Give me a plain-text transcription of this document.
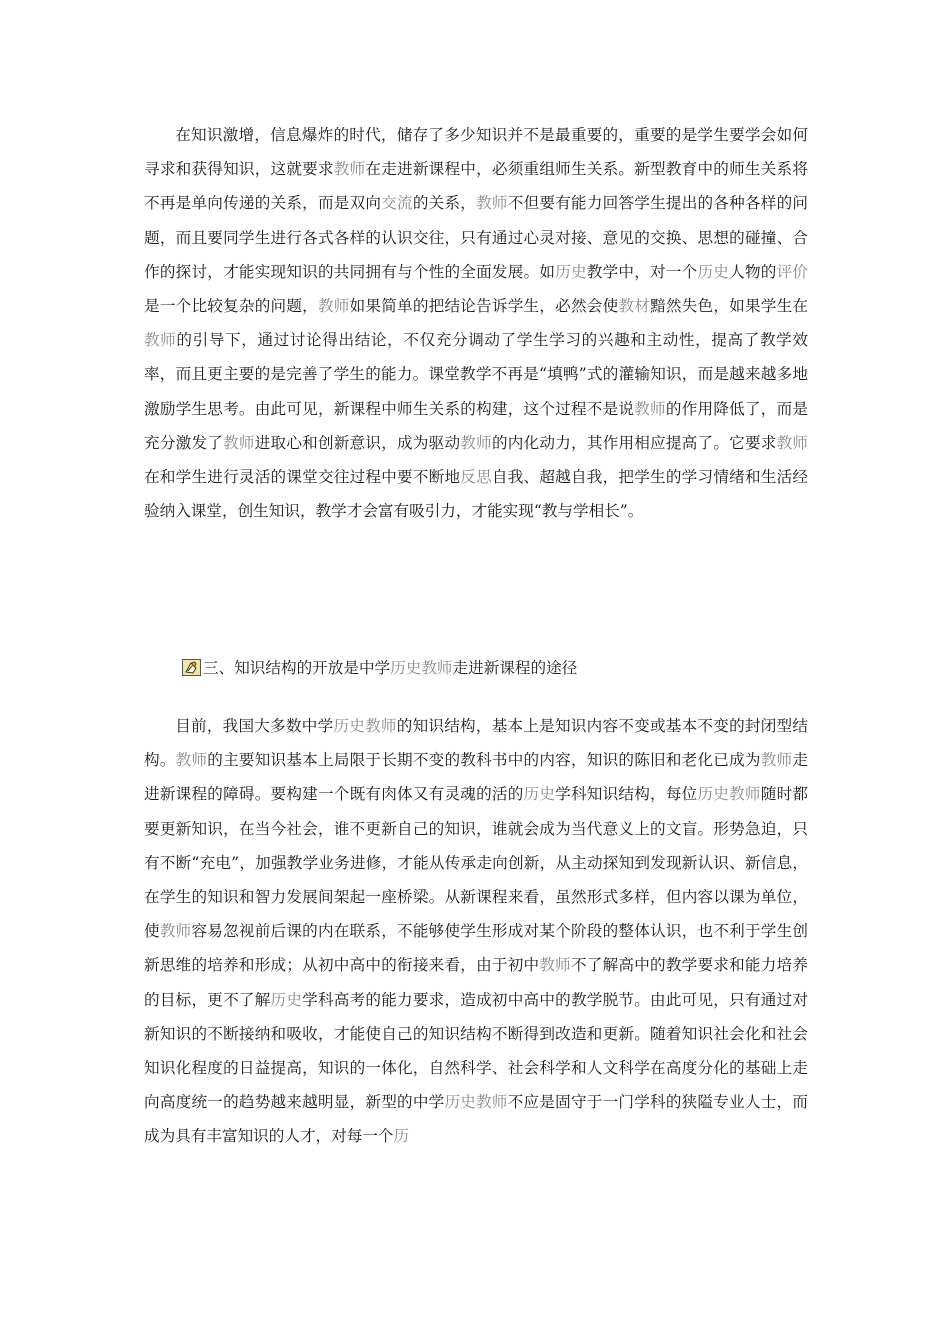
在知识激增，信息爆炸的时代，储存了多少知识并不是最重要的，重要的是学生要学会如何寻求和获得知识，这就要求教师在走进新课程中，必须重组师生关系。新型教育中的师生关系将不再是单向传递的关系，而是双向交流的关系，教师不但要有能力回答学生提出的各种各样的问题，而且要同学生进行各式各样的认识交往，只有通过心灵对接、意见的交换、思想的碰撞、合作的探讨，才能实现知识的共同拥有与个性的全面发展。如历史教学中，对一个历史人物的评价是一个比较复杂的问题，教师如果简单的把结论告诉学生，必然会使教材黯然失色，如果学生在教师的引导下，通过讨论得出结论，不仅充分调动了学生学习的兴趣和主动性，提高了教学效率，而且更主要的是完善了学生的能力。课堂教学不再是“填鸭”式的灌输知识，而是越来越多地激励学生思考。由此可见，新课程中师生关系的构建，这个过程不是说教师的作用降低了，而是充分激发了教师进取心和创新意识，成为驱动教师的内化动力，其作用相应提高了。它要求教师在和学生进行灵活的课堂交往过程中要不断地反思自我、超越自我，把学生的学习情绪和生活经验纳入课堂，创生知识，教学才会富有吸引力，才能实现“教与学相长”。

三、知识结构的开放是中学历史教师走进新课程的途径

目前，我国大多数中学历史教师的知识结构，基本上是知识内容不变或基本不变的封闭型结构。教师的主要知识基本上局限于长期不变的教科书中的内容，知识的陈旧和老化已成为教师走进新课程的障碍。要构建一个既有肉体又有灵魂的活的历史学科知识结构，每位历史教师随时都要更新知识，在当今社会，谁不更新自己的知识，谁就会成为当代意义上的文盲。形势急迫，只有不断“充电”，加强教学业务进修，才能从传承走向创新，从主动探知到发现新认识、新信息，在学生的知识和智力发展间架起一座桥梁。从新课程来看，虽然形式多样，但内容以课为单位，使教师容易忽视前后课的内在联系，不能够使学生形成对某个阶段的整体认识，也不利于学生创新思维的培养和形成；从初中高中的衔接来看，由于初中教师不了解高中的教学要求和能力培养的目标，更不了解历史学科高考的能力要求，造成初中高中的教学脱节。由此可见，只有通过对新知识的不断接纳和吸收，才能使自己的知识结构不断得到改造和更新。随着知识社会化和社会知识化程度的日益提高，知识的一体化，自然科学、社会科学和人文科学在高度分化的基础上走向高度统一的趋势越来越明显，新型的中学历史教师不应是固守于一门学科的狭隘专业人士，而成为具有丰富知识的人才，对每一个历
